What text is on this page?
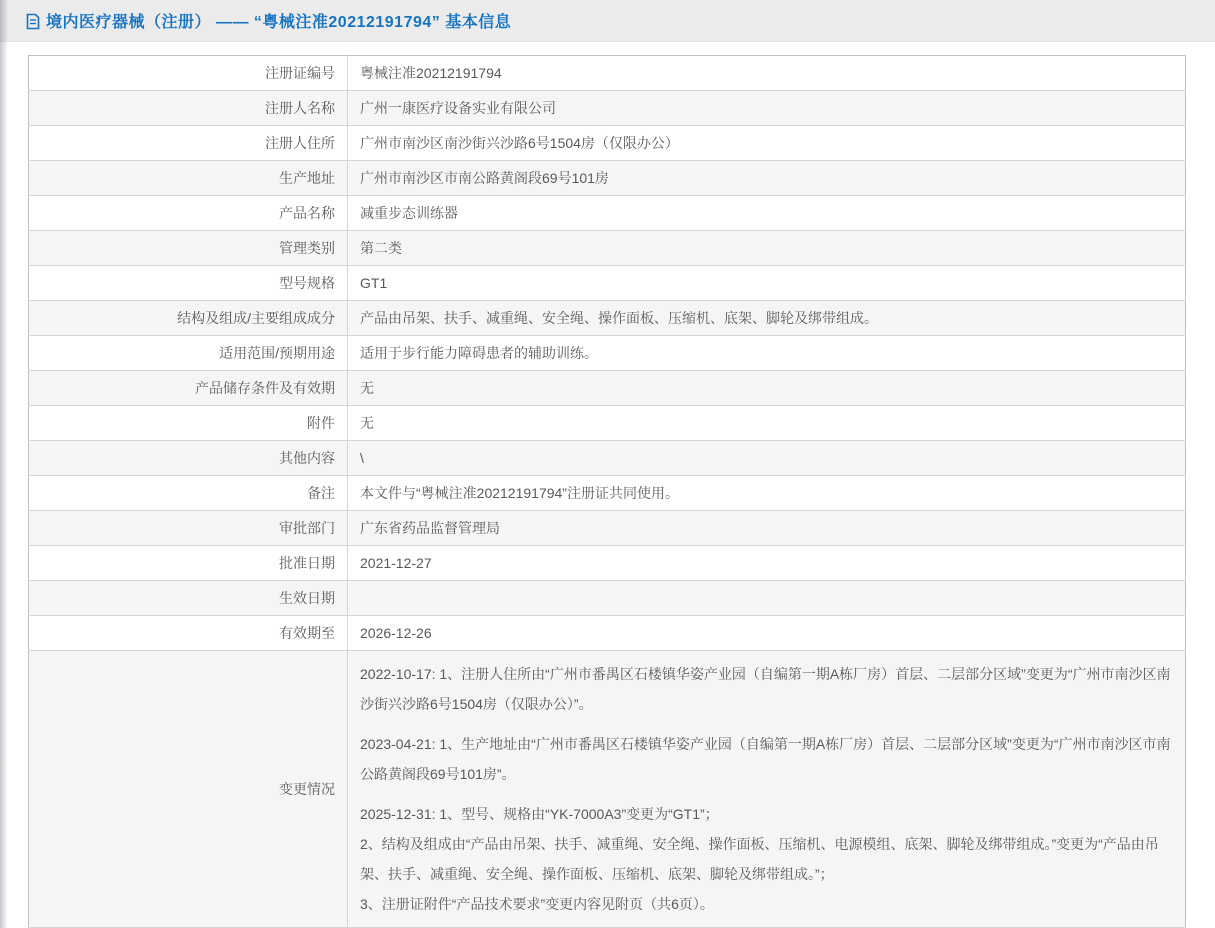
境内医疗器械（注册） —— “粤械注准20212191794” 基本信息
注册证编号	粤械注准20212191794
注册人名称	广州一康医疗设备实业有限公司
注册人住所	广州市南沙区南沙街兴沙路6号1504房（仅限办公）
生产地址	广州市南沙区市南公路黄阁段69号101房
产品名称	减重步态训练器
管理类别	第二类
型号规格	GT1
结构及组成/主要组成成分	产品由吊架、扶手、减重绳、安全绳、操作面板、压缩机、底架、脚轮及绑带组成。
适用范围/预期用途	适用于步行能力障碍患者的辅助训练。
产品储存条件及有效期	无
附件	无
其他内容	\
备注	本文件与“粤械注准20212191794”注册证共同使用。
审批部门	广东省药品监督管理局
批准日期	2021-12-27
生效日期	
有效期至	2026-12-26
变更情况	2022-10-17: 1、注册人住所由“广州市番禺区石楼镇华姿产业园（自编第一期A栋厂房）首层、二层部分区域”变更为“广州市南沙区南沙街兴沙路6号1504房（仅限办公）”。

2023-04-21: 1、生产地址由“广州市番禺区石楼镇华姿产业园（自编第一期A栋厂房）首层、二层部分区域”变更为“广州市南沙区市南公路黄阁段69号101房”。

2025-12-31: 1、型号、规格由“YK-7000A3”变更为“GT1”；

2、结构及组成由“产品由吊架、扶手、减重绳、安全绳、操作面板、压缩机、电源模组、底架、脚轮及绑带组成。”变更为“产品由吊架、扶手、减重绳、安全绳、操作面板、压缩机、底架、脚轮及绑带组成。”；

3、注册证附件“产品技术要求”变更内容见附页（共6页）。
